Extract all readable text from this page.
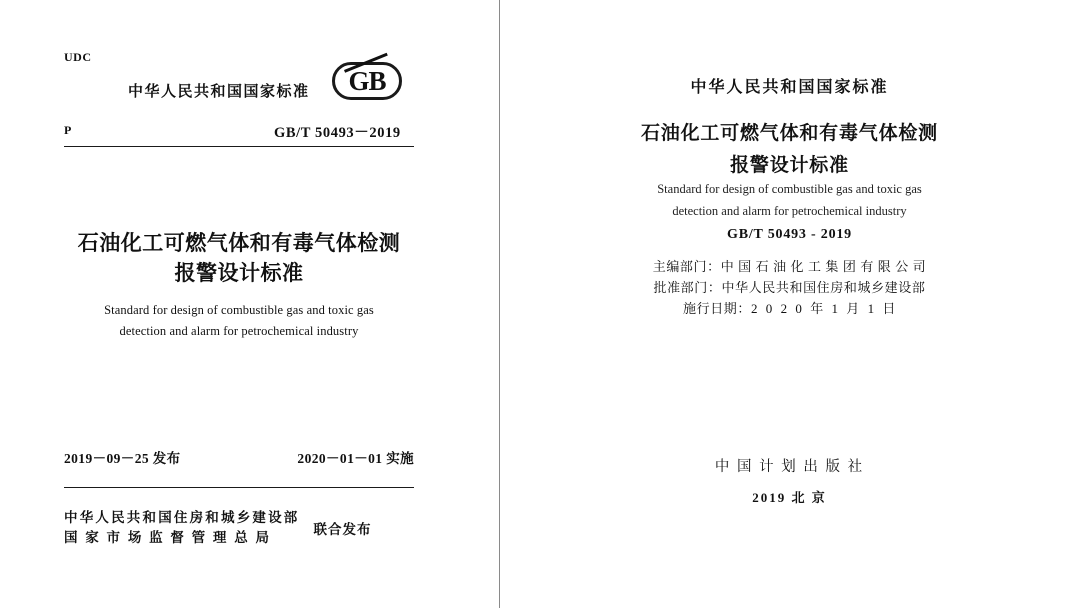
UDC
中华人民共和国国家标准	GB
P	GB/T 50493－2019
石油化工可燃气体和有毒气体检测
报警设计标准
Standard for design of combustible gas and toxic gas
detection and alarm for petrochemical industry
2019－09－25 发布	2020－01－01 实施
中华人民共和国住房和城乡建设部
国 家 市 场 监 督 管 理 总 局
联合发布
中华人民共和国国家标准
石油化工可燃气体和有毒气体检测
报警设计标准
Standard for design of combustible gas and toxic gas
detection and alarm for petrochemical industry
GB/T 50493 - 2019
主编部门：中 国 石 油 化 工 集 团 有 限 公 司
批准部门：中华人民共和国住房和城乡建设部
施行日期：2  0  2  0  年  1  月  1  日
中 国 计 划 出 版 社
2019 北 京
